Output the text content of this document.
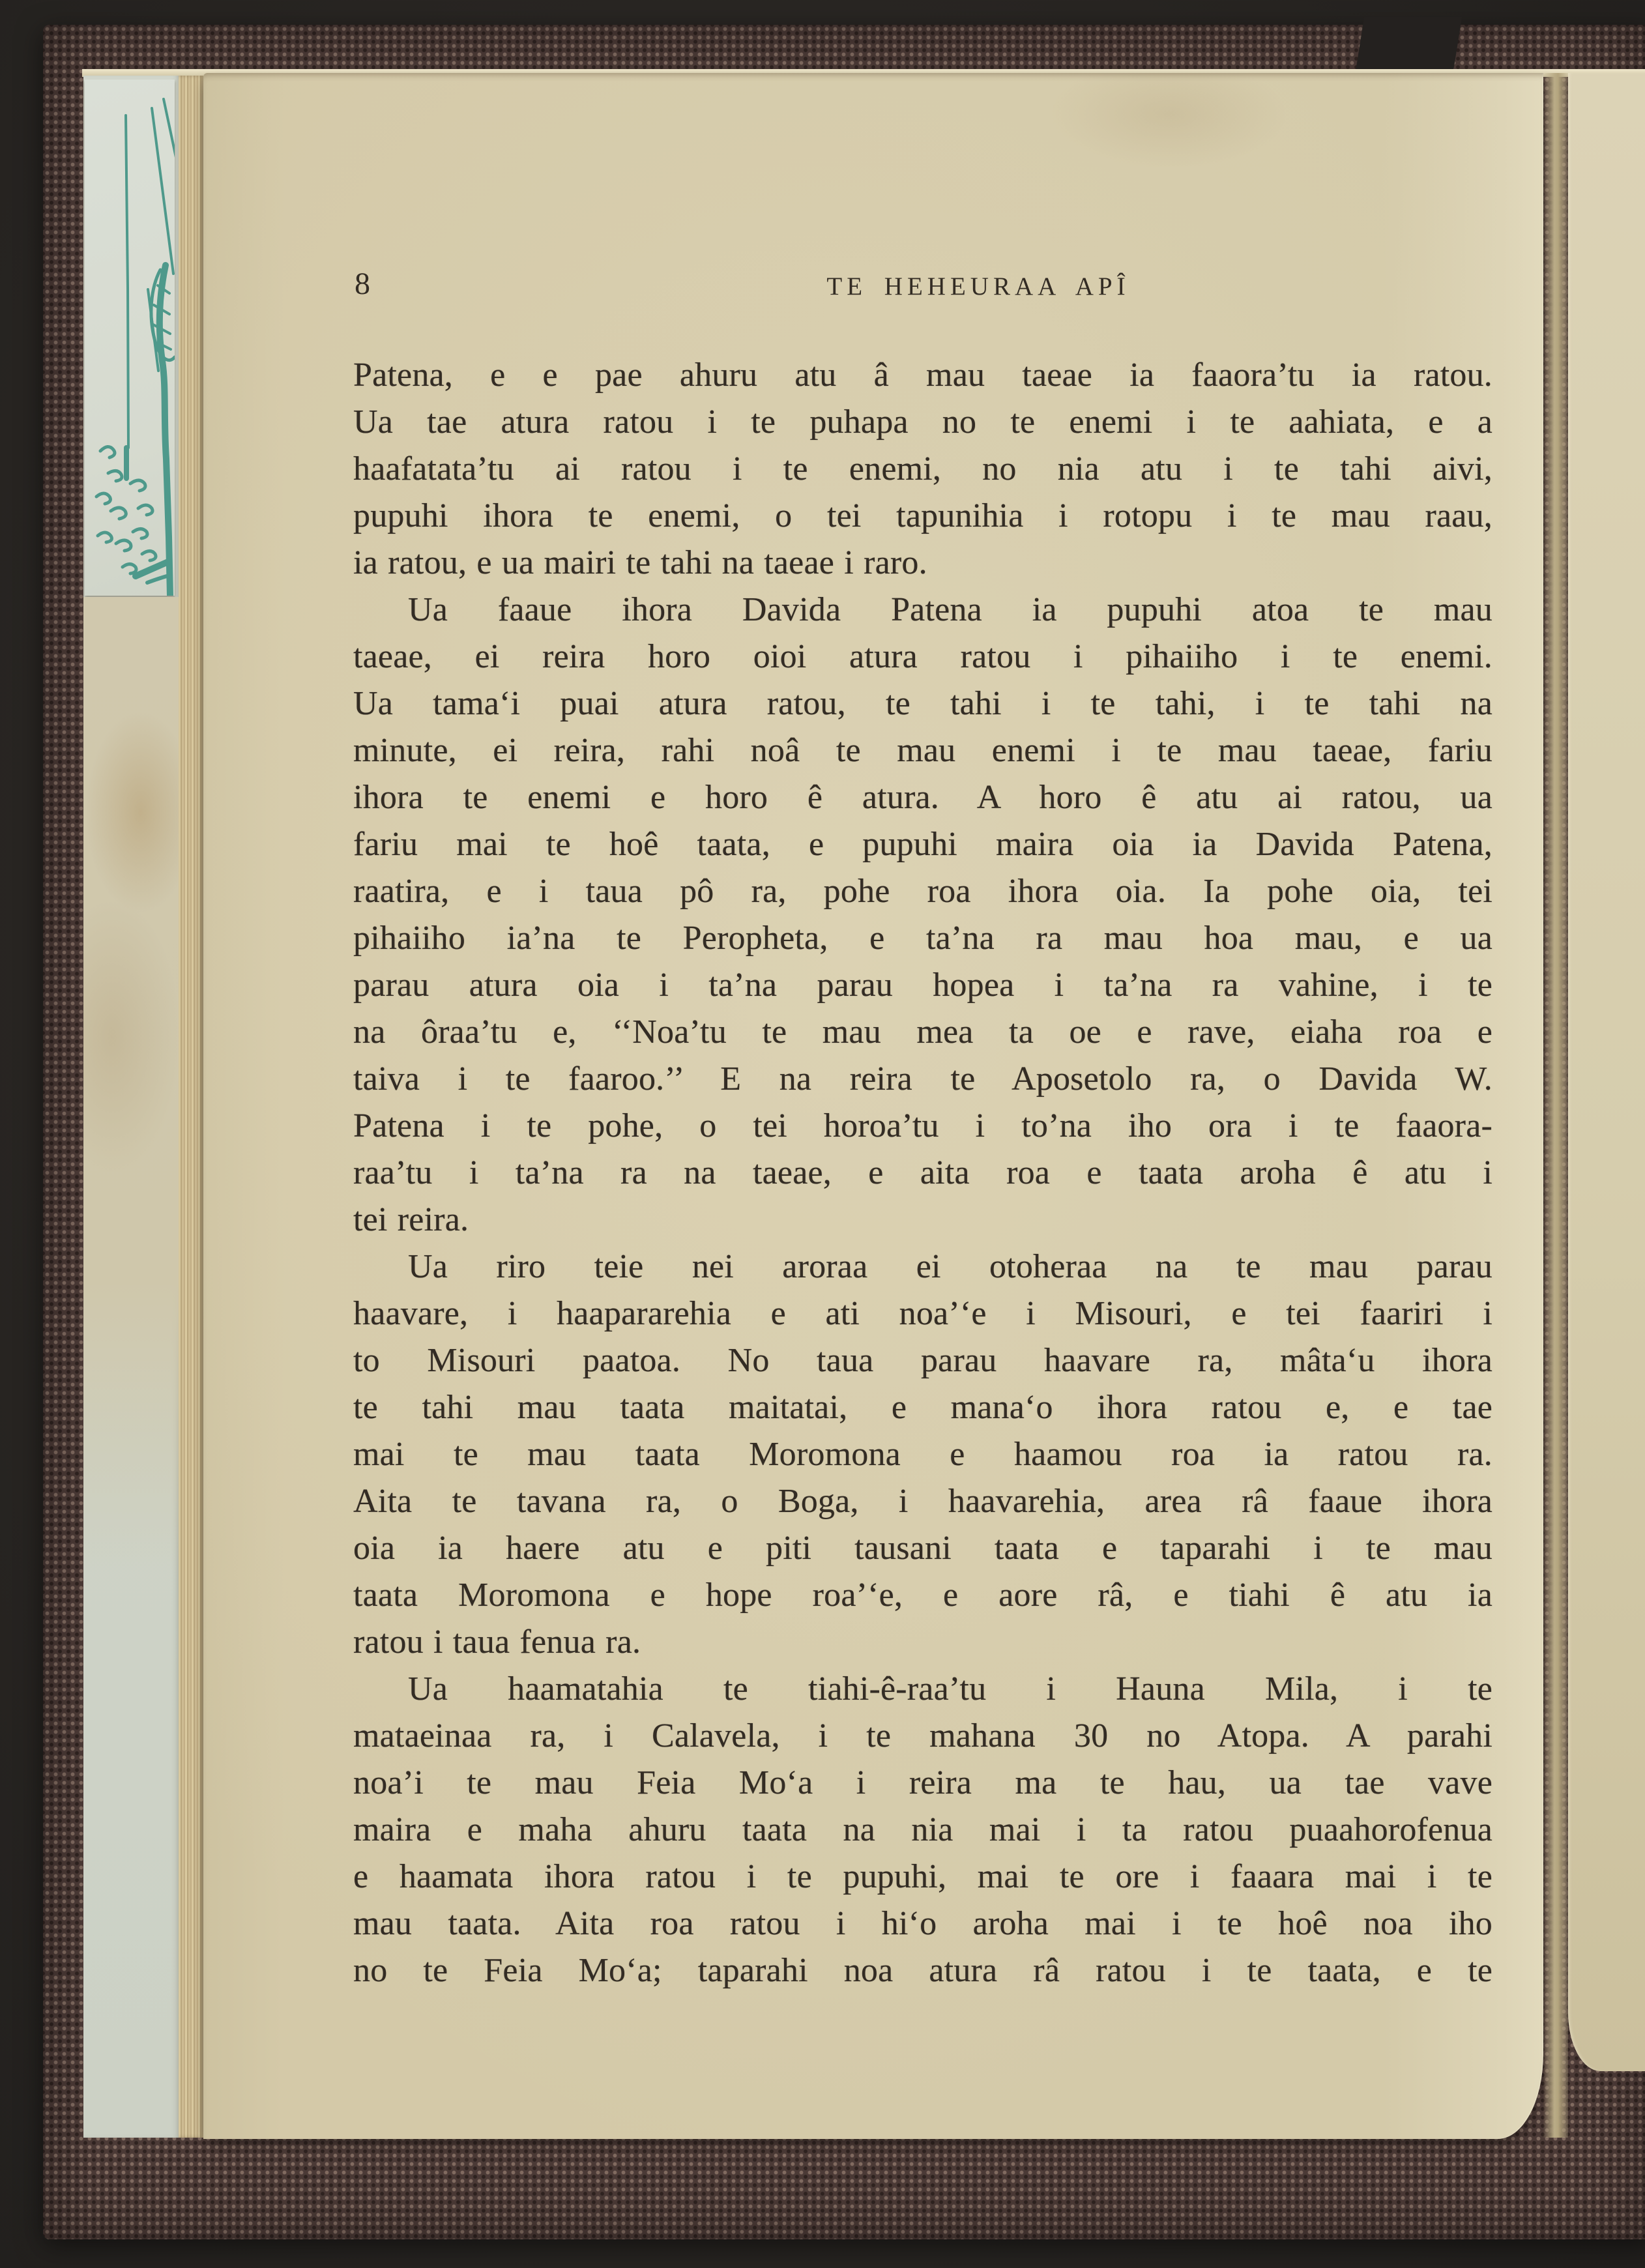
8	TE HEHEURAA APÎ
Patena, e e pae ahuru atu â mau taeae ia faaora’tu ia ratou.
Ua tae atura ratou i te puhapa no te enemi i te aahiata, e a
haafatata’tu ai ratou i te enemi, no nia atu i te tahi aivi,
pupuhi ihora te enemi, o tei tapunihia i rotopu i te mau raau,
ia ratou, e ua mairi te tahi na taeae i raro.
Ua faaue ihora Davida Patena ia pupuhi atoa te mau
taeae, ei reira horo oioi atura ratou i pihaiiho i te enemi.
Ua tama‘i puai atura ratou, te tahi i te tahi, i te tahi na
minute, ei reira, rahi noâ te mau enemi i te mau taeae, fariu
ihora te enemi e horo ê atura. A horo ê atu ai ratou, ua
fariu mai te hoê taata, e pupuhi maira oia ia Davida Patena,
raatira, e i taua pô ra, pohe roa ihora oia. Ia pohe oia, tei
pihaiiho ia’na te Peropheta, e ta’na ra mau hoa mau, e ua
parau atura oia i ta’na parau hopea i ta’na ra vahine, i te
na ôraa’tu e, ‘‘Noa’tu te mau mea ta oe e rave, eiaha roa e
taiva i te faaroo.’’ E na reira te Aposetolo ra, o Davida W.
Patena i te pohe, o tei horoa’tu i to’na iho ora i te faaora-
raa’tu i ta’na ra na taeae, e aita roa e taata aroha ê atu i
tei reira.
Ua riro teie nei aroraa ei otoheraa na te mau parau
haavare, i haapararehia e ati noa’‘e i Misouri, e tei faariri i
to Misouri paatoa. No taua parau haavare ra, mâta‘u ihora
te tahi mau taata maitatai, e mana‘o ihora ratou e, e tae
mai te mau taata Moromona e haamou roa ia ratou ra.
Aita te tavana ra, o Boga, i haavarehia, area râ faaue ihora
oia ia haere atu e piti tausani taata e taparahi i te mau
taata Moromona e hope roa’‘e, e aore râ, e tiahi ê atu ia
ratou i taua fenua ra.
Ua haamatahia te tiahi-ê-raa’tu i Hauna Mila, i te
mataeinaa ra, i Calavela, i te mahana 30 no Atopa. A parahi
noa’i te mau Feia Mo‘a i reira ma te hau, ua tae vave
maira e maha ahuru taata na nia mai i ta ratou puaahorofenua
e haamata ihora ratou i te pupuhi, mai te ore i faaara mai i te
mau taata. Aita roa ratou i hi‘o aroha mai i te hoê noa iho
no te Feia Mo‘a; taparahi noa atura râ ratou i te taata, e te
